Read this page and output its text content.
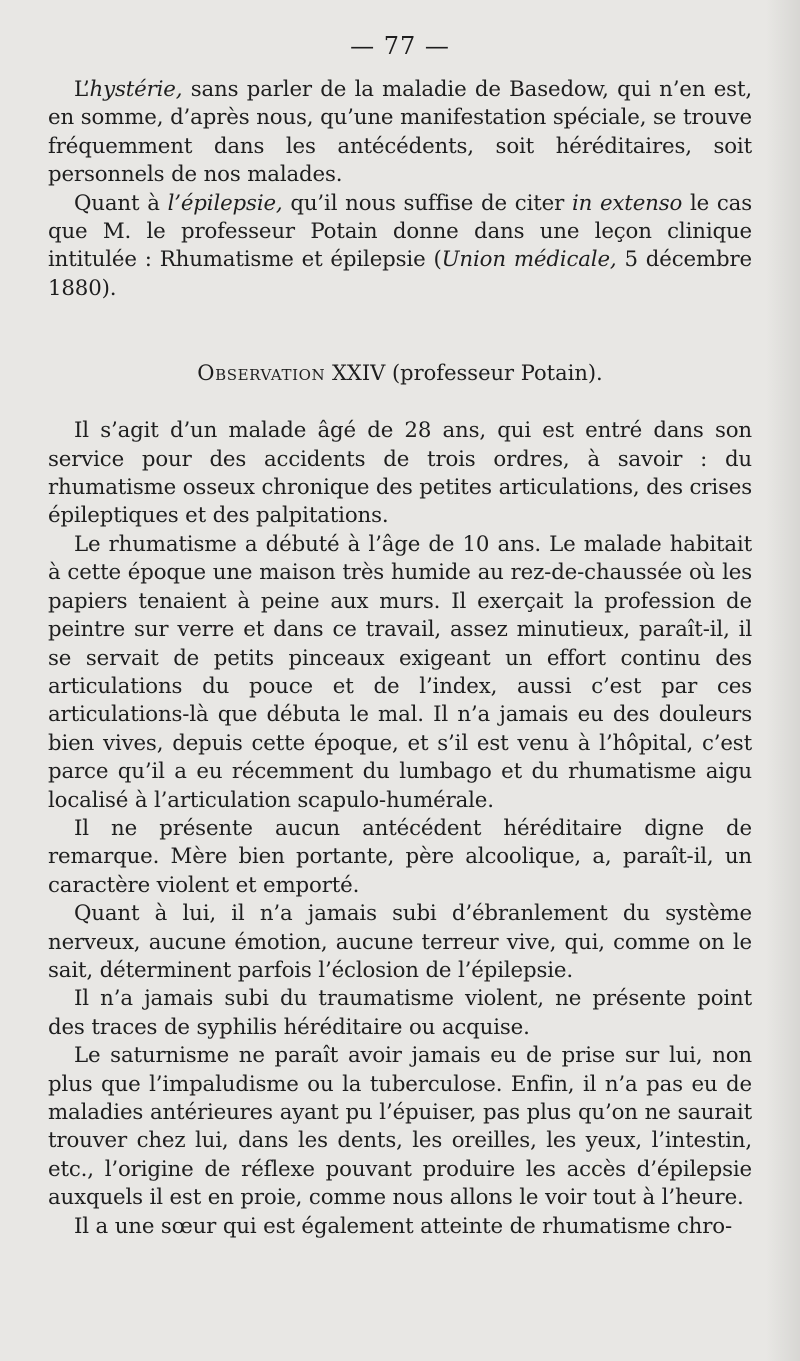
— 77 —

L’hystérie, sans parler de la maladie de Basedow, qui n’en est, en somme, d’après nous, qu’une manifestation spéciale, se trouve fréquemment dans les antécédents, soit héréditaires, soit personnels de nos malades.

Quant à l’épilepsie, qu’il nous suffise de citer in extenso le cas que M. le professeur Potain donne dans une leçon clinique intitulée : Rhumatisme et épilepsie (Union médicale, 5 décembre 1880).

Observation XXIV (professeur Potain).

Il s’agit d’un malade âgé de 28 ans, qui est entré dans son service pour des accidents de trois ordres, à savoir : du rhumatisme osseux chronique des petites articulations, des crises épileptiques et des palpitations.

Le rhumatisme a débuté à l’âge de 10 ans. Le malade habitait à cette époque une maison très humide au rez-de-chaussée où les papiers tenaient à peine aux murs. Il exerçait la profession de peintre sur verre et dans ce travail, assez minutieux, paraît-il, il se servait de petits pinceaux exigeant un effort continu des articulations du pouce et de l’index, aussi c’est par ces articulations-là que débuta le mal. Il n’a jamais eu des douleurs bien vives, depuis cette époque, et s’il est venu à l’hôpital, c’est parce qu’il a eu récemment du lumbago et du rhumatisme aigu localisé à l’articulation scapulo-humérale.

Il ne présente aucun antécédent héréditaire digne de remarque. Mère bien portante, père alcoolique, a, paraît-il, un caractère violent et emporté.

Quant à lui, il n’a jamais subi d’ébranlement du système nerveux, aucune émotion, aucune terreur vive, qui, comme on le sait, déterminent parfois l’éclosion de l’épilepsie.

Il n’a jamais subi du traumatisme violent, ne présente point des traces de syphilis héréditaire ou acquise.

Le saturnisme ne paraît avoir jamais eu de prise sur lui, non plus que l’impaludisme ou la tuberculose. Enfin, il n’a pas eu de maladies antérieures ayant pu l’épuiser, pas plus qu’on ne saurait trouver chez lui, dans les dents, les oreilles, les yeux, l’intestin, etc., l’origine de réflexe pouvant produire les accès d’épilepsie auxquels il est en proie, comme nous allons le voir tout à l’heure.

Il a une sœur qui est également atteinte de rhumatisme chro-
